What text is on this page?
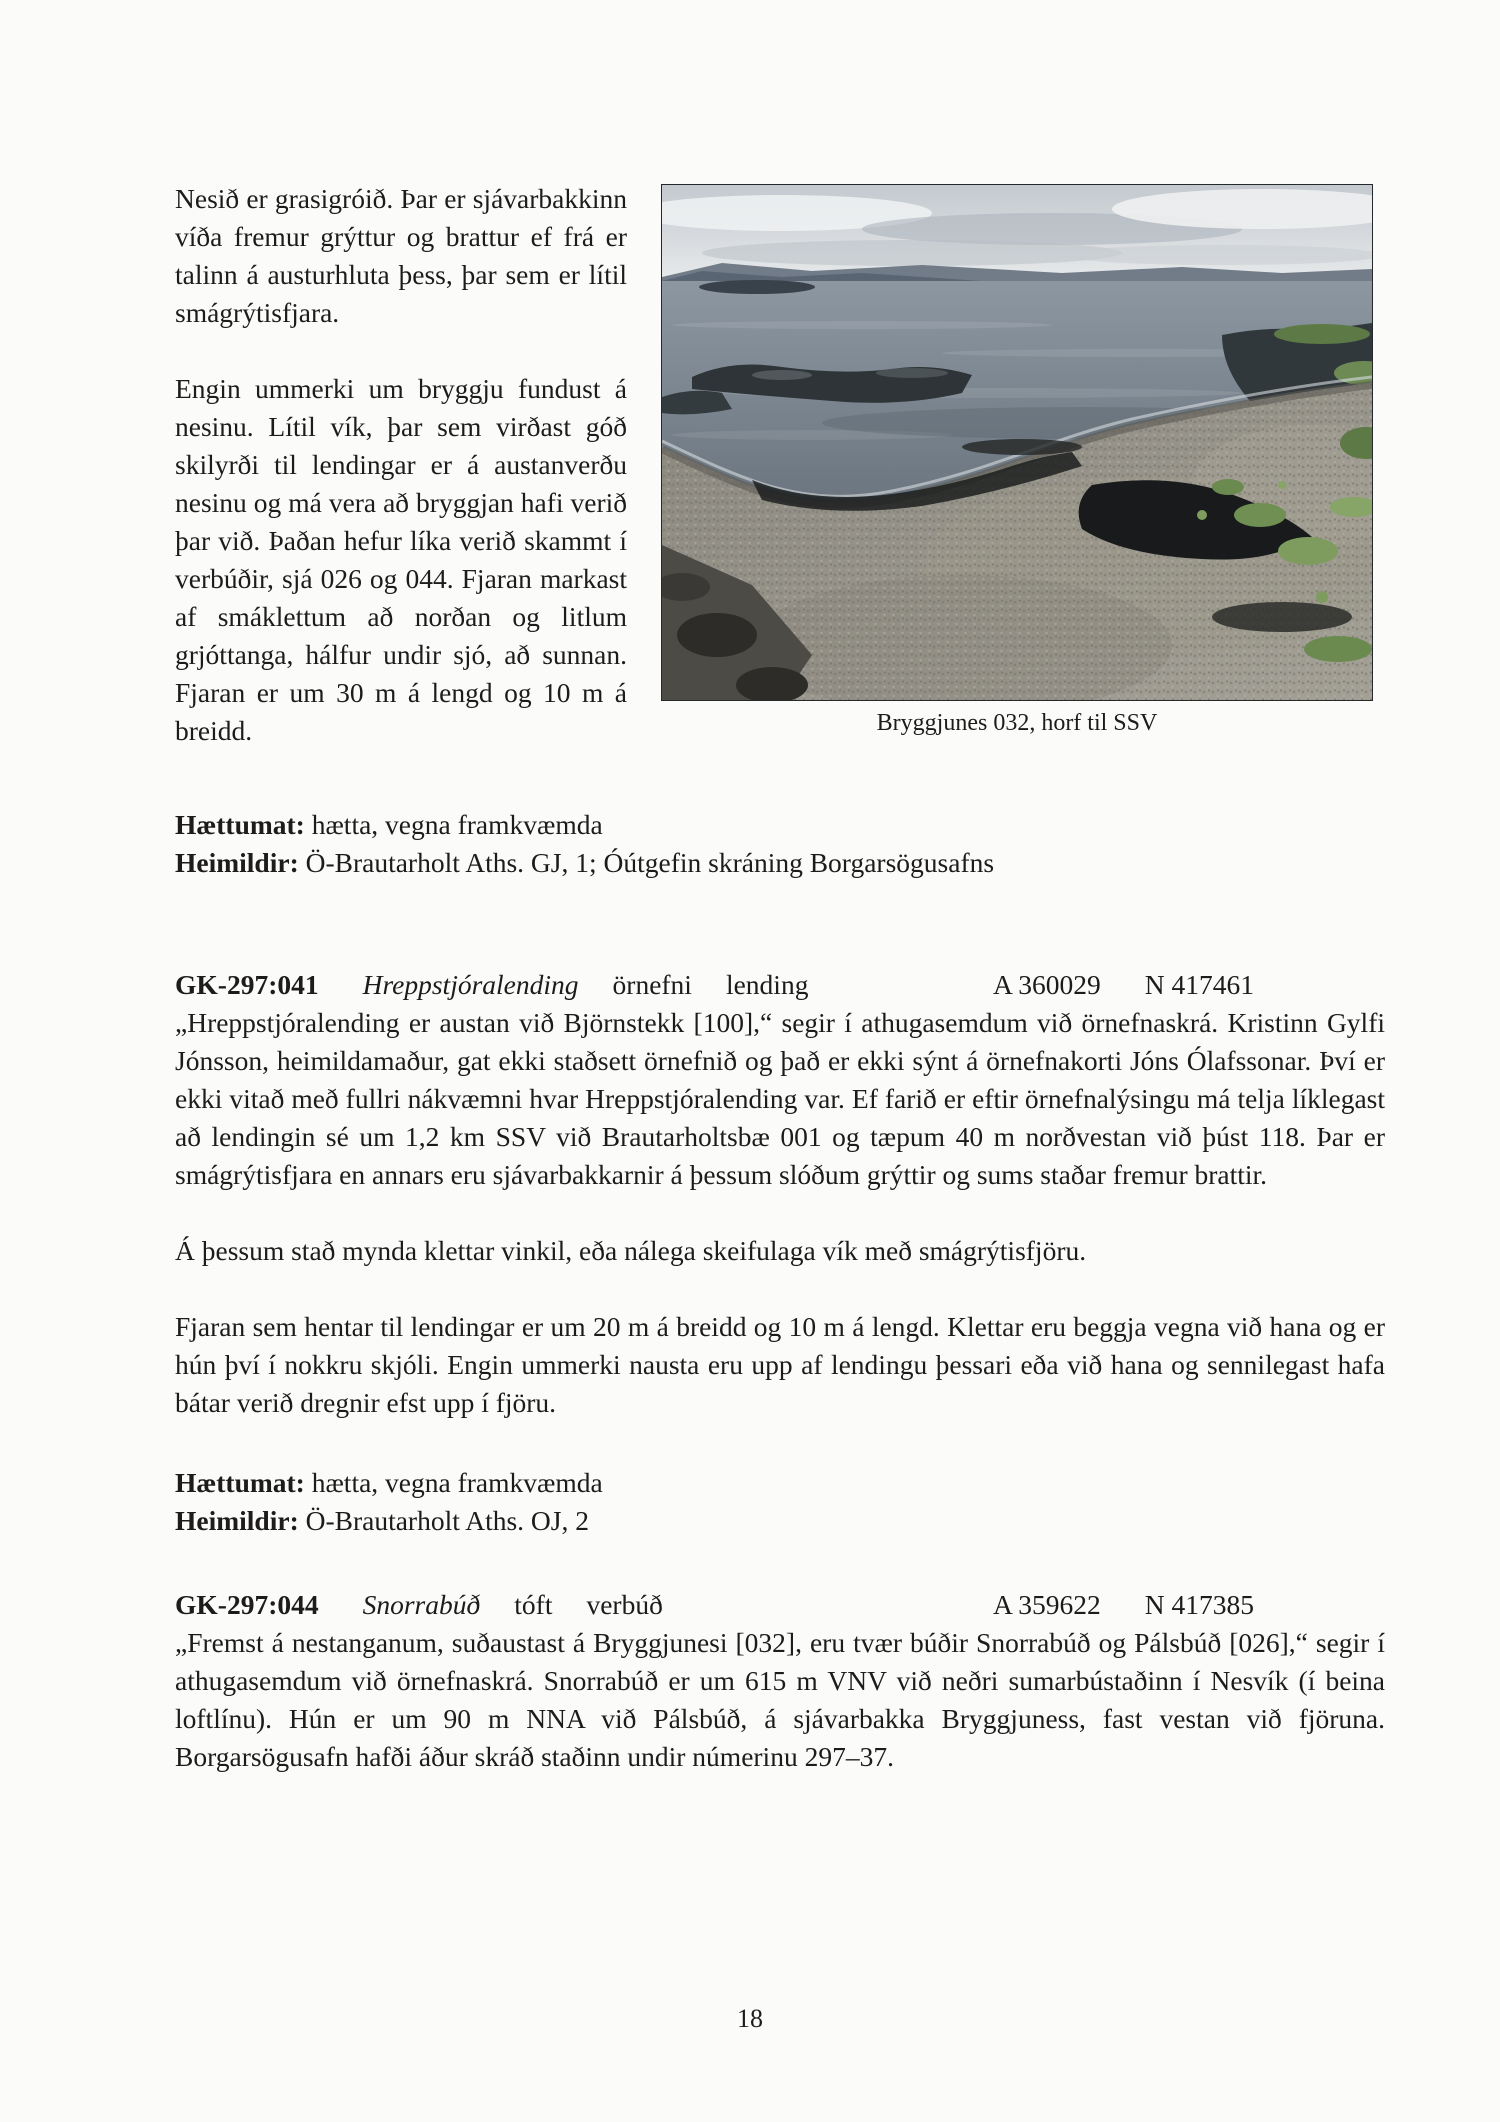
Nesið er grasigróið. Þar er sjávarbakkinn víða fremur grýttur og brattur ef frá er talinn á austurhluta þess, þar sem er lítil smágrýtisfjara.

Engin ummerki um bryggju fundust á nesinu. Lítil vík, þar sem virðast góð skilyrði til lendingar er á austanverðu nesinu og má vera að bryggjan hafi verið þar við. Þaðan hefur líka verið skammt í verbúðir, sjá 026 og 044. Fjaran markast af smáklettum að norðan og litlum grjóttanga, hálfur undir sjó, að sunnan. Fjaran er um 30 m á lengd og 10 m á breidd.	Bryggjunes 032, horf til SSV

Hættumat: hætta, vegna framkvæmda

Heimildir: Ö-Brautarholt Aths. GJ, 1; Óútgefin skráning Borgarsögusafns

GK-297:041 Hreppstjóralending örnefni lending	A 360029 N 417461

„Hreppstjóralending er austan við Björnstekk [100],“ segir í athugasemdum við örnefnaskrá. Kristinn Gylfi Jónsson, heimildamaður, gat ekki staðsett örnefnið og það er ekki sýnt á örnefnakorti Jóns Ólafssonar. Því er ekki vitað með fullri nákvæmni hvar Hreppstjóralending var. Ef farið er eftir örnefnalýsingu má telja líklegast að lendingin sé um 1,2 km SSV við Brautarholtsbæ 001 og tæpum 40 m norðvestan við þúst 118. Þar er smágrýtisfjara en annars eru sjávarbakkarnir á þessum slóðum grýttir og sums staðar fremur brattir.

Á þessum stað mynda klettar vinkil, eða nálega skeifulaga vík með smágrýtisfjöru.

Fjaran sem hentar til lendingar er um 20 m á breidd og 10 m á lengd. Klettar eru beggja vegna við hana og er hún því í nokkru skjóli. Engin ummerki nausta eru upp af lendingu þessari eða við hana og sennilegast hafa bátar verið dregnir efst upp í fjöru.

Hættumat: hætta, vegna framkvæmda

Heimildir: Ö-Brautarholt Aths. OJ, 2

GK-297:044 Snorrabúð tóft verbúð	A 359622 N 417385

„Fremst á nestanganum, suðaustast á Bryggjunesi [032], eru tvær búðir Snorrabúð og Pálsbúð [026],“ segir í athugasemdum við örnefnaskrá. Snorrabúð er um 615 m VNV við neðri sumarbústaðinn í Nesvík (í beina loftlínu). Hún er um 90 m NNA við Pálsbúð, á sjávarbakka Bryggjuness, fast vestan við fjöruna. Borgarsögusafn hafði áður skráð staðinn undir númerinu 297–37.

18
